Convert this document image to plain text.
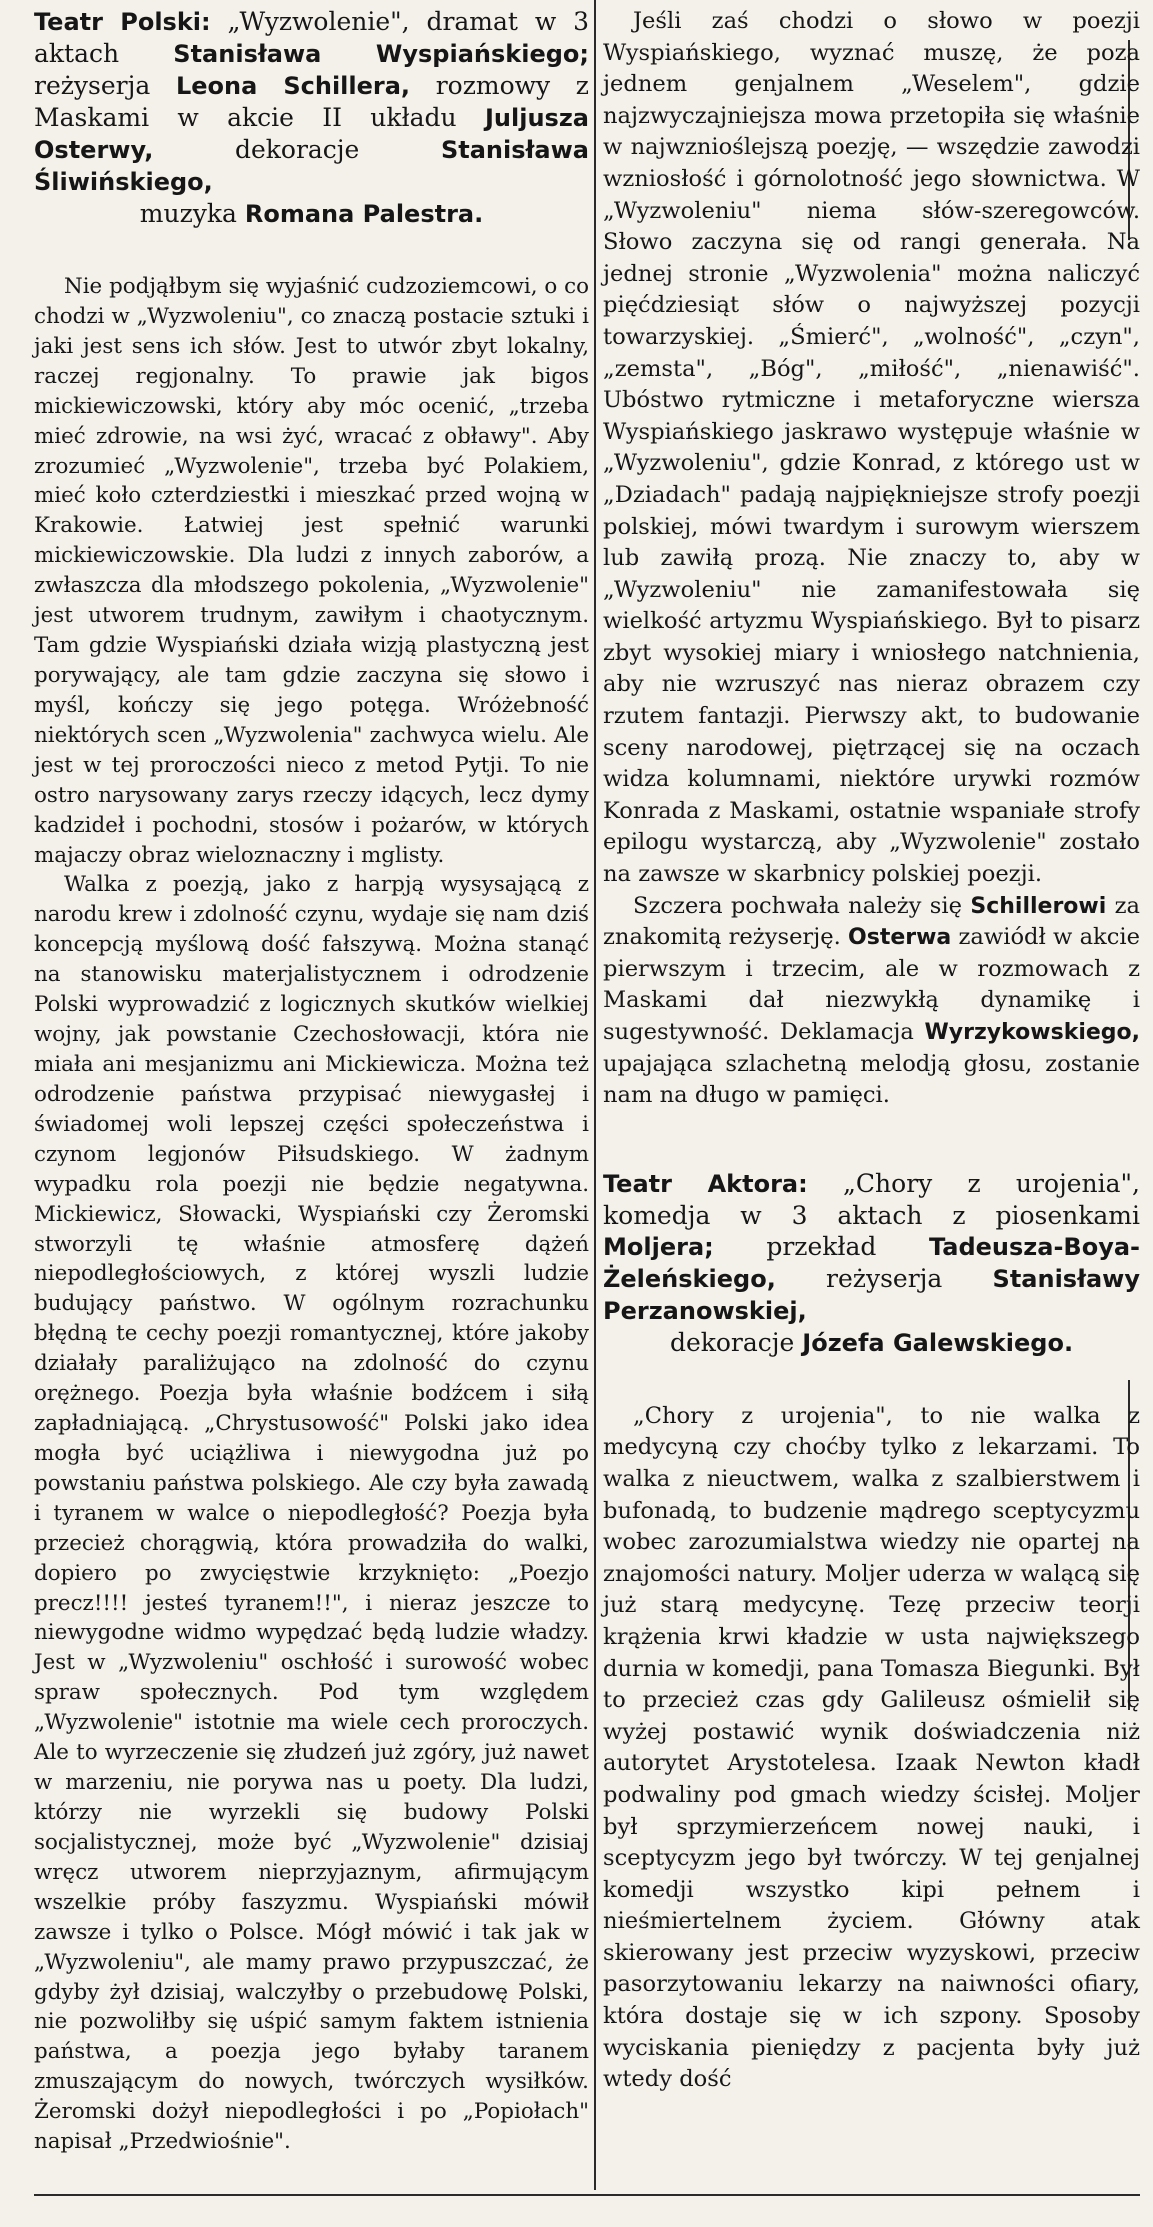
Teatr Polski: „Wyzwolenie", dramat w 3 aktach Stanisława Wyspiańskiego; reżyserja Leona Schillera, rozmowy z Maskami w akcie II układu Juljusza Osterwy,	dekoracje	Stanisława Śliwińskiego,
muzyka Romana Palestra.

Nie podjąłbym się wyjaśnić cudzoziemcowi, o co chodzi w „Wyzwoleniu", co znaczą postacie sztuki i jaki jest sens ich słów. Jest to utwór zbyt lokalny, raczej regjonalny. To prawie jak bigos mickiewiczowski, który aby móc ocenić, „trzeba mieć zdrowie, na wsi żyć, wracać z obławy". Aby zrozumieć „Wyzwolenie", trzeba być Polakiem, mieć koło czterdziestki i mieszkać przed wojną w Krakowie. Łatwiej jest spełnić warunki mickiewiczowskie. Dla ludzi z innych zaborów, a zwłaszcza dla młodszego pokolenia, „Wyzwolenie" jest utworem trudnym, zawiłym i chaotycznym. Tam gdzie Wyspiański działa wizją plastyczną jest porywający, ale tam gdzie zaczyna się słowo i myśl, kończy się jego potęga. Wróżebność niektórych scen „Wyzwolenia" zachwyca wielu. Ale jest w tej proroczości nieco z metod Pytji. To nie ostro narysowany zarys rzeczy idących, lecz dymy kadzideł i pochodni, stosów i pożarów, w których majaczy obraz wieloznaczny i mglisty.

Walka z poezją, jako z harpją wysysającą z narodu krew i zdolność czynu, wydaje się nam dziś koncepcją myślową dość fałszywą. Można stanąć na stanowisku materjalistycznem i odrodzenie Polski wyprowadzić z logicznych skutków wielkiej wojny, jak powstanie Czechosłowacji, która nie miała ani mesjanizmu ani Mickiewicza. Można też odrodzenie państwa przypisać niewygasłej i świadomej woli lepszej części społeczeństwa i czynom legjonów Piłsudskiego. W żadnym wypadku rola poezji nie będzie negatywna. Mickiewicz, Słowacki, Wyspiański czy Żeromski stworzyli tę właśnie atmosferę dążeń niepodległościowych, z której wyszli ludzie budujący państwo. W ogólnym rozrachunku błędną te cechy poezji romantycznej, które jakoby działały paraliżująco na zdolność do czynu orężnego. Poezja była właśnie bodźcem i siłą zapładniającą. „Chrystusowość" Polski jako idea mogła być uciążliwa i niewygodna już po powstaniu państwa polskiego. Ale czy była zawadą i tyranem w walce o niepodległość? Poezja była przecież chorągwią, która prowadziła do walki, dopiero po zwycięstwie krzyknięto: „Poezjo precz!!!! jesteś tyranem!!", i nieraz jeszcze to niewygodne widmo wypędzać będą ludzie władzy. Jest w „Wyzwoleniu" oschłość i surowość wobec spraw społecznych. Pod tym względem „Wyzwolenie" istotnie ma wiele cech proroczych. Ale to wyrzeczenie się złudzeń już zgóry, już nawet w marzeniu, nie porywa nas u poety. Dla ludzi, którzy nie wyrzekli się budowy Polski socjalistycznej, może być „Wyzwolenie" dzisiaj wręcz utworem nieprzyjaznym, afirmującym wszelkie próby faszyzmu. Wyspiański mówił zawsze i tylko o Polsce. Mógł mówić i tak jak w „Wyzwoleniu", ale mamy prawo przypuszczać, że gdyby żył dzisiaj, walczyłby o przebudowę Polski, nie pozwoliłby się uśpić samym faktem istnienia państwa, a poezja jego byłaby taranem zmuszającym do nowych, twórczych wysiłków. Żeromski dożył niepodległości i po „Popiołach" napisał „Przedwiośnie".

Jeśli zaś chodzi o słowo w poezji Wyspiańskiego, wyznać muszę, że poza jednem genjalnem „Weselem", gdzie najzwyczajniejsza mowa przetopiła się właśnie w najwznioślejszą poezję, — wszędzie zawodzi wzniosłość i górnolotność jego słownictwa. W „Wyzwoleniu" niema słów-szeregowców. Słowo zaczyna się od rangi generała. Na jednej stronie „Wyzwolenia" można naliczyć pięćdziesiąt słów o najwyższej pozycji towarzyskiej. „Śmierć", „wolność", „czyn", „zemsta", „Bóg", „miłość", „nienawiść". Ubóstwo rytmiczne i metaforyczne wiersza Wyspiańskiego jaskrawo występuje właśnie w „Wyzwoleniu", gdzie Konrad, z którego ust w „Dziadach" padają najpiękniejsze strofy poezji polskiej, mówi twardym i surowym wierszem lub zawiłą prozą. Nie znaczy to, aby w „Wyzwoleniu" nie zamanifestowała się wielkość artyzmu Wyspiańskiego. Był to pisarz zbyt wysokiej miary i wniosłego natchnienia, aby nie wzruszyć nas nieraz obrazem czy rzutem fantazji. Pierwszy akt, to budowanie sceny narodowej, piętrzącej się na oczach widza kolumnami, niektóre urywki rozmów Konrada z Maskami, ostatnie wspaniałe strofy epilogu wystarczą, aby „Wyzwolenie" zostało na zawsze w skarbnicy polskiej poezji.

Szczera pochwała należy się Schillerowi za znakomitą reżyserję. Osterwa zawiódł w akcie pierwszym i trzecim, ale w rozmowach z Maskami dał niezwykłą dynamikę i sugestywność. Deklamacja Wyrzykowskiego, upajająca szlachetną melodją głosu, zostanie nam na długo w pamięci.

Teatr Aktora: „Chory z urojenia", komedja w 3 aktach z piosenkami Moljera; przekład Tadeusza-Boya-Żeleńskiego, reżyserja Stanisławy Perzanowskiej,
dekoracje Józefa Galewskiego.

„Chory z urojenia", to nie walka z medycyną czy choćby tylko z lekarzami. To walka z nieuctwem, walka z szalbierstwem i bufonadą, to budzenie mądrego sceptycyzmu wobec zarozumialstwa wiedzy nie opartej na znajomości natury. Moljer uderza w walącą się już starą medycynę. Tezę przeciw teorji krążenia krwi kładzie w usta największego durnia w komedji, pana Tomasza Biegunki. Był to przecież czas gdy Galileusz ośmielił się wyżej postawić wynik doświadczenia niż autorytet Arystotelesa. Izaak Newton kładł podwaliny pod gmach wiedzy ścisłej. Moljer był sprzymierzeńcem nowej nauki, i sceptycyzm jego był twórczy. W tej genjalnej komedji wszystko kipi pełnem i nieśmiertelnem życiem. Główny atak skierowany jest przeciw wyzyskowi, przeciw pasorzytowaniu lekarzy na naiwności ofiary, która dostaje się w ich szpony. Sposoby wyciskania pieniędzy z pacjenta były już wtedy dość
